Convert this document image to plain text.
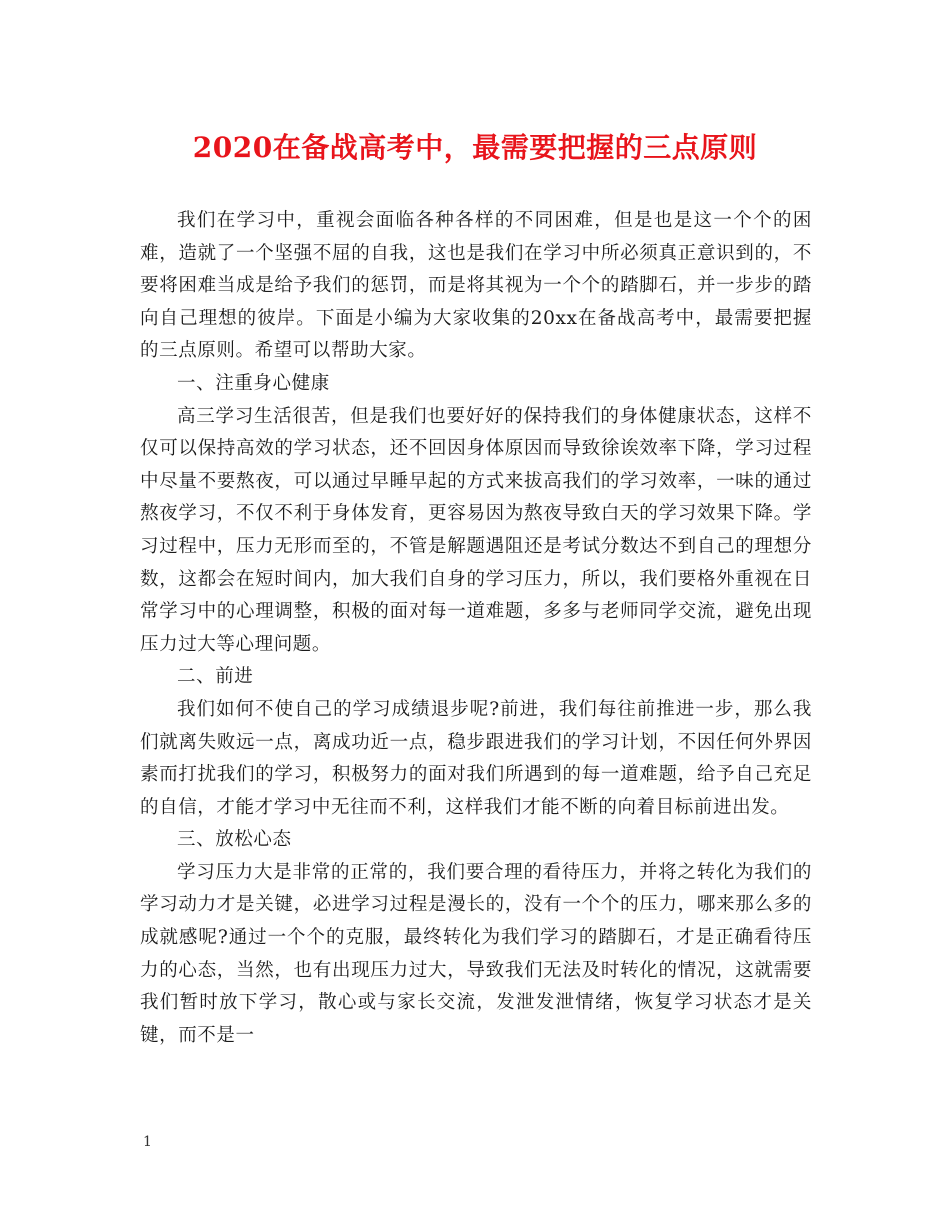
2020在备战高考中，最需要把握的三点原则

我们在学习中，重视会面临各种各样的不同困难，但是也是这一个个的困难，造就了一个坚强不屈的自我，这也是我们在学习中所必须真正意识到的，不要将困难当成是给予我们的惩罚，而是将其视为一个个的踏脚石，并一步步的踏向自己理想的彼岸。下面是小编为大家收集的20xx在备战高考中，最需要把握的三点原则。希望可以帮助大家。

一、注重身心健康

高三学习生活很苦，但是我们也要好好的保持我们的身体健康状态，这样不仅可以保持高效的学习状态，还不回因身体原因而导致徐诶效率下降，学习过程中尽量不要熬夜，可以通过早睡早起的方式来拔高我们的学习效率，一味的通过熬夜学习，不仅不利于身体发育，更容易因为熬夜导致白天的学习效果下降。学习过程中，压力无形而至的，不管是解题遇阻还是考试分数达不到自己的理想分数，这都会在短时间内，加大我们自身的学习压力，所以，我们要格外重视在日常学习中的心理调整，积极的面对每一道难题，多多与老师同学交流，避免出现压力过大等心理问题。

二、前进

我们如何不使自己的学习成绩退步呢?前进，我们每往前推进一步，那么我们就离失败远一点，离成功近一点，稳步跟进我们的学习计划，不因任何外界因素而打扰我们的学习，积极努力的面对我们所遇到的每一道难题，给予自己充足的自信，才能才学习中无往而不利，这样我们才能不断的向着目标前进出发。

三、放松心态

学习压力大是非常的正常的，我们要合理的看待压力，并将之转化为我们的学习动力才是关键，必进学习过程是漫长的，没有一个个的压力，哪来那么多的成就感呢?通过一个个的克服，最终转化为我们学习的踏脚石，才是正确看待压力的心态，当然，也有出现压力过大，导致我们无法及时转化的情况，这就需要我们暂时放下学习，散心或与家长交流，发泄发泄情绪，恢复学习状态才是关键，而不是一

1
